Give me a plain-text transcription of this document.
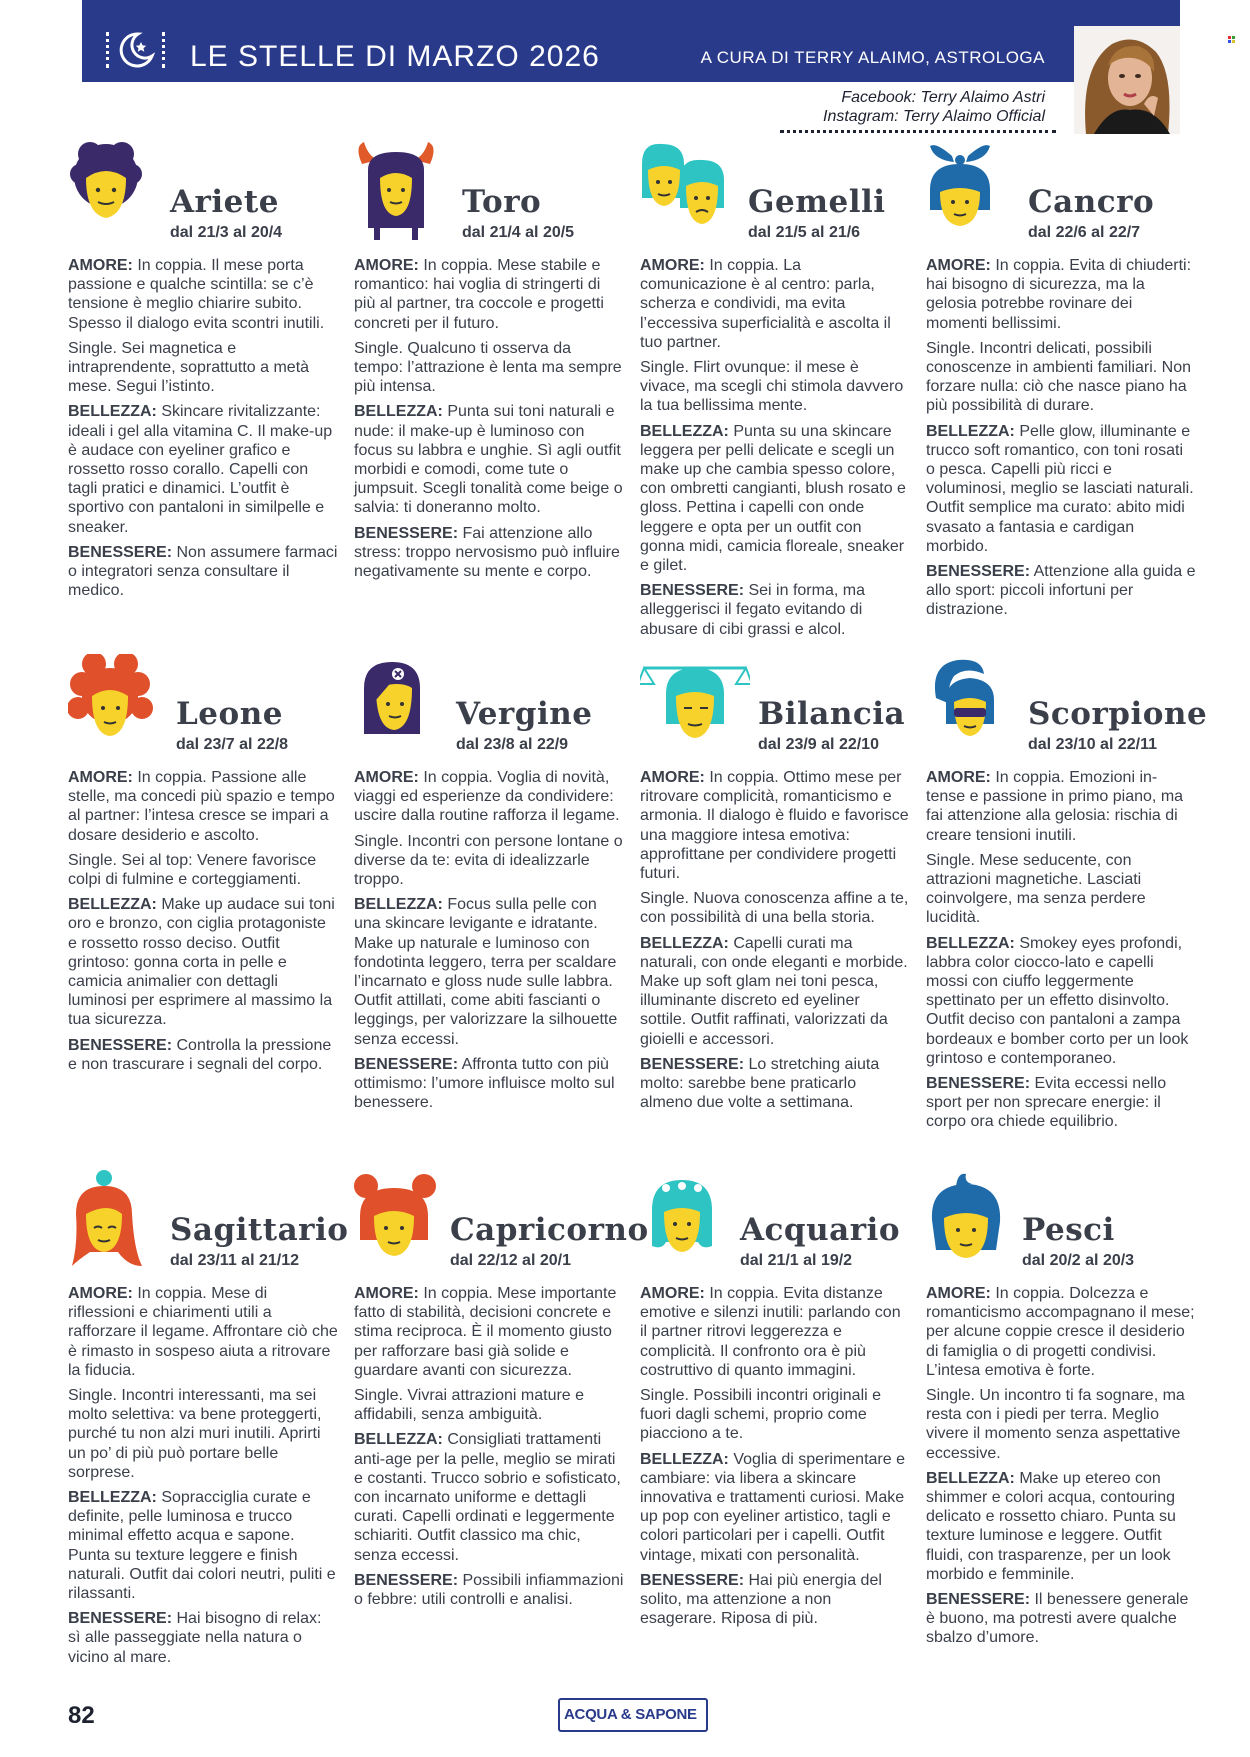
LE STELLE DI MARZO 2026	A CURA DI TERRY ALAIMO, ASTROLOGA
Facebook: Terry Alaimo Astri
Instagram: Terry Alaimo Official
Ariete
dal 21/3 al 20/4

AMORE: In coppia. Il mese porta passione e qualche scintilla: se c’è tensione è meglio chiarire subito. Spesso il dialogo evita scontri inutili.

Single. Sei magnetica e intraprendente, soprattutto a metà mese. Segui l’istinto.

BELLEZZA: Skincare rivitalizzante: ideali i gel alla vitamina C. Il make-up è audace con eyeliner grafico e rossetto rosso corallo. Capelli con tagli pratici e dinamici. L’outfit è sportivo con pantaloni in similpelle e sneaker.

BENESSERE: Non assumere farmaci o integratori senza consultare il medico.

Toro
dal 21/4 al 20/5

AMORE: In coppia. Mese stabile e romantico: hai voglia di stringerti di più al partner, tra coccole e progetti concreti per il futuro.

Single. Qualcuno ti osserva da tempo: l’attrazione è lenta ma sempre più intensa.

BELLEZZA: Punta sui toni naturali e nude: il make-up è luminoso con focus su labbra e unghie. Sì agli outfit morbidi e comodi, come tute o jumpsuit. Scegli tonalità come beige o salvia: ti doneranno molto.

BENESSERE: Fai attenzione allo stress: troppo nervosismo può influire negativamente su mente e corpo.

Gemelli
dal 21/5 al 21/6

AMORE: In coppia. La comunicazione è al centro: parla, scherza e condividi, ma evita l’eccessiva superficialità e ascolta il tuo partner.

Single. Flirt ovunque: il mese è vivace, ma scegli chi stimola davvero la tua bellissima mente.

BELLEZZA: Punta su una skincare leggera per pelli delicate e scegli un make up che cambia spesso colore, con ombretti cangianti, blush rosato e gloss. Pettina i capelli con onde leggere e opta per un outfit con gonna midi, camicia floreale, sneaker e gilet.

BENESSERE: Sei in forma, ma alleggerisci il fegato evitando di abusare di cibi grassi e alcol.

Cancro
dal 22/6 al 22/7

AMORE: In coppia. Evita di chiuderti: hai bisogno di sicurezza, ma la gelosia potrebbe rovinare dei momenti bellissimi.

Single. Incontri delicati, possibili conoscenze in ambienti familiari. Non forzare nulla: ciò che nasce piano ha più possibilità di durare.

BELLEZZA: Pelle glow, illuminante e trucco soft romantico, con toni rosati o pesca. Capelli più ricci e voluminosi, meglio se lasciati naturali. Outfit semplice ma curato: abito midi svasato a fantasia e cardigan morbido.

BENESSERE: Attenzione alla guida e allo sport: piccoli infortuni per distrazione.

Leone
dal 23/7 al 22/8

AMORE: In coppia. Passione alle stelle, ma concedi più spazio e tempo al partner: l’intesa cresce se impari a dosare desiderio e ascolto.

Single. Sei al top: Venere favorisce colpi di fulmine e corteggiamenti.

BELLEZZA: Make up audace sui toni oro e bronzo, con ciglia protagoniste e rossetto rosso deciso. Outfit grintoso: gonna corta in pelle e camicia animalier con dettagli luminosi per esprimere al massimo la tua sicurezza.

BENESSERE: Controlla la pressione e non trascurare i segnali del corpo.

Vergine
dal 23/8 al 22/9

AMORE: In coppia. Voglia di novità, viaggi ed esperienze da condividere: uscire dalla routine rafforza il legame.

Single. Incontri con persone lontane o diverse da te: evita di idealizzarle troppo.

BELLEZZA: Focus sulla pelle con una skincare levigante e idratante. Make up naturale e luminoso con fondotinta leggero, terra per scaldare l’incarnato e gloss nude sulle labbra. Outfit attillati, come abiti fascianti o leggings, per valorizzare la silhouette senza eccessi.

BENESSERE: Affronta tutto con più ottimismo: l’umore influisce molto sul benessere.

Bilancia
dal 23/9 al 22/10

AMORE: In coppia. Ottimo mese per ritrovare complicità, romanticismo e armonia. Il dialogo è fluido e favorisce una maggiore intesa emotiva: approfittane per condividere progetti futuri.

Single. Nuova conoscenza affine a te, con possibilità di una bella storia.

BELLEZZA: Capelli curati ma naturali, con onde eleganti e morbide. Make up soft glam nei toni pesca, illuminante discreto ed eyeliner sottile. Outfit raffinati, valorizzati da gioielli e accessori.

BENESSERE: Lo stretching aiuta molto: sarebbe bene praticarlo almeno due volte a settimana.

Scorpione
dal 23/10 al 22/11

AMORE: In coppia. Emozioni in-tense e passione in primo piano, ma fai attenzione alla gelosia: rischia di creare tensioni inutili.

Single. Mese seducente, con attrazioni magnetiche. Lasciati coinvolgere, ma senza perdere lucidità.

BELLEZZA: Smokey eyes profondi, labbra color ciocco-lato e capelli mossi con ciuffo leggermente spettinato per un effetto disinvolto. Outfit deciso con pantaloni a zampa bordeaux e bomber corto per un look grintoso e contemporaneo.

BENESSERE: Evita eccessi nello sport per non sprecare energie: il corpo ora chiede equilibrio.

Sagittario
dal 23/11 al 21/12

AMORE: In coppia. Mese di riflessioni e chiarimenti utili a rafforzare il legame. Affrontare ciò che è rimasto in sospeso aiuta a ritrovare la fiducia.

Single. Incontri interessanti, ma sei molto selettiva: va bene proteggerti, purché tu non alzi muri inutili. Aprirti un po’ di più può portare belle sorprese.

BELLEZZA: Sopracciglia curate e definite, pelle luminosa e trucco minimal effetto acqua e sapone. Punta su texture leggere e finish naturali. Outfit dai colori neutri, puliti e rilassanti.

BENESSERE: Hai bisogno di relax: sì alle passeggiate nella natura o vicino al mare.

Capricorno
dal 22/12 al 20/1

AMORE: In coppia. Mese importante fatto di stabilità, decisioni concrete e stima reciproca. È il momento giusto per rafforzare basi già solide e guardare avanti con sicurezza.

Single. Vivrai attrazioni mature e affidabili, senza ambiguità.

BELLEZZA: Consigliati trattamenti anti-age per la pelle, meglio se mirati e costanti. Trucco sobrio e sofisticato, con incarnato uniforme e dettagli curati. Capelli ordinati e leggermente schiariti. Outfit classico ma chic, senza eccessi.

BENESSERE: Possibili infiammazioni o febbre: utili controlli e analisi.

Acquario
dal 21/1 al 19/2

AMORE: In coppia. Evita distanze emotive e silenzi inutili: parlando con il partner ritrovi leggerezza e complicità. Il confronto ora è più costruttivo di quanto immagini.

Single. Possibili incontri originali e fuori dagli schemi, proprio come piacciono a te.

BELLEZZA: Voglia di sperimentare e cambiare: via libera a skincare innovativa e trattamenti curiosi. Make up pop con eyeliner artistico, tagli e colori particolari per i capelli. Outfit vintage, mixati con personalità.

BENESSERE: Hai più energia del solito, ma attenzione a non esagerare. Riposa di più.

Pesci
dal 20/2 al 20/3

AMORE: In coppia. Dolcezza e romanticismo accompagnano il mese; per alcune coppie cresce il desiderio di famiglia o di progetti condivisi. L’intesa emotiva è forte.

Single. Un incontro ti fa sognare, ma resta con i piedi per terra. Meglio vivere il momento senza aspettative eccessive.

BELLEZZA: Make up etereo con shimmer e colori acqua, contouring delicato e rossetto chiaro. Punta su texture luminose e leggere. Outfit fluidi, con trasparenze, per un look morbido e femminile.

BENESSERE: Il benessere generale è buono, ma potresti avere qualche sbalzo d’umore.

82	ACQUA & SAPONE
